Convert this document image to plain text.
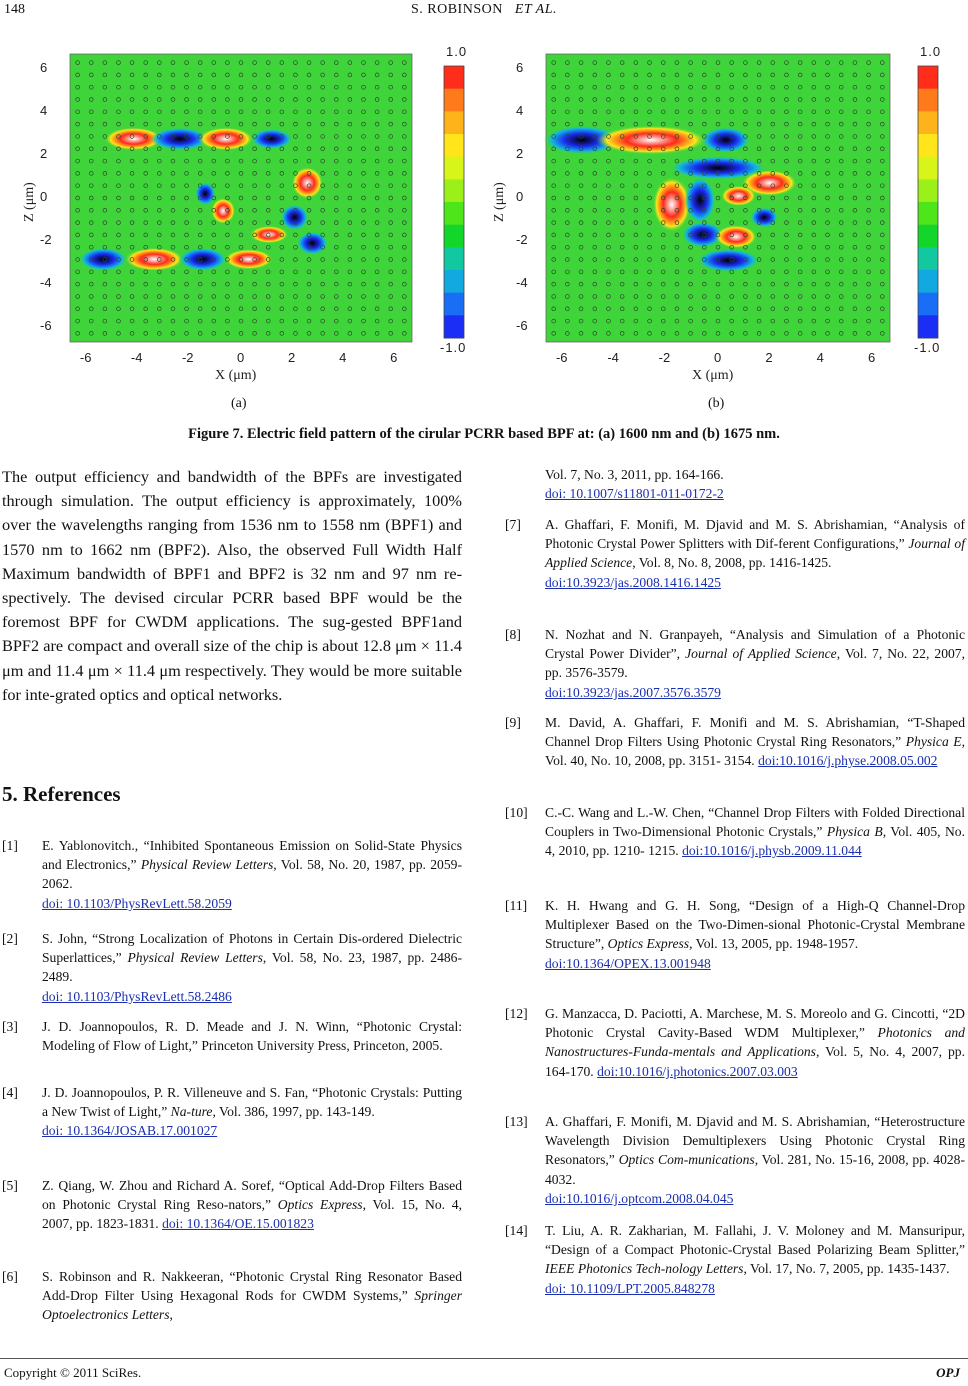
148	S. ROBINSON ET AL.
-6	-4	-2	0	2	4	6
6
4
2
0
-2
-4
-6
X (μm)
Z (μm)
(a)
1.0
-1.0
-6	-4	-2	0	2	4	6
6
4
2
0
-2
-4
-6
X (μm)
Z (μm)
(b)
1.0
-1.0
Figure 7. Electric field pattern of the cirular PCRR based BPF at: (a) 1600 nm and (b) 1675 nm.

The output efficiency and bandwidth of the BPFs are investigated through simulation. The output efficiency is approximately, 100% over the wavelengths ranging from 1536 nm to 1558 nm (BPF1) and 1570 nm to 1662 nm (BPF2). Also, the observed Full Width Half Maximum bandwidth of BPF1 and BPF2 is 32 nm and 97 nm re-spectively. The devised circular PCRR based BPF would be the foremost BPF for CWDM applications. The sug-gested BPF1and BPF2 are compact and overall size of the chip is about 12.8 μm × 11.4 μm and 11.4 μm × 11.4 μm respectively. They would be more suitable for inte-grated optics and optical networks.

5. References
[1] E. Yablonovitch., “Inhibited Spontaneous Emission on Solid-State Physics and Electronics,” Physical Review Letters, Vol. 58, No. 20, 1987, pp. 2059-2062.
doi: 10.1103/PhysRevLett.58.2059
[2] S. John, “Strong Localization of Photons in Certain Dis-ordered Dielectric Superlattices,” Physical Review Letters, Vol. 58, No. 23, 1987, pp. 2486-2489.
doi: 10.1103/PhysRevLett.58.2486
[3] J. D. Joannopoulos, R. D. Meade and J. N. Winn, “Photonic Crystal: Modeling of Flow of Light,” Princeton University Press, Princeton, 2005.
[4] J. D. Joannopoulos, P. R. Villeneuve and S. Fan, “Photonic Crystals: Putting a New Twist of Light,” Na-ture, Vol. 386, 1997, pp. 143-149.
doi: 10.1364/JOSAB.17.001027
[5] Z. Qiang, W. Zhou and Richard A. Soref, “Optical Add-Drop Filters Based on Photonic Crystal Ring Reso-nators,” Optics Express, Vol. 15, No. 4, 2007, pp. 1823-1831. doi: 10.1364/OE.15.001823
[6] S. Robinson and R. Nakkeeran, “Photonic Crystal Ring Resonator Based Add-Drop Filter Using Hexagonal Rods for CWDM Systems,” Springer Optoelectronics Letters,
Vol. 7, No. 3, 2011, pp. 164-166.
doi: 10.1007/s11801-011-0172-2
[7] A. Ghaffari, F. Monifi, M. Djavid and M. S. Abrishamian, “Analysis of Photonic Crystal Power Splitters with Dif-ferent Configurations,” Journal of Applied Science, Vol. 8, No. 8, 2008, pp. 1416-1425.
doi:10.3923/jas.2008.1416.1425
[8] N. Nozhat and N. Granpayeh, “Analysis and Simulation of a Photonic Crystal Power Divider”, Journal of Applied Science, Vol. 7, No. 22, 2007, pp. 3576-3579.
doi:10.3923/jas.2007.3576.3579
[9] M. David, A. Ghaffari, F. Monifi and M. S. Abrishamian, “T-Shaped Channel Drop Filters Using Photonic Crystal Ring Resonators,” Physica E, Vol. 40, No. 10, 2008, pp. 3151- 3154. doi:10.1016/j.physe.2008.05.002
[10] C.-C. Wang and L.-W. Chen, “Channel Drop Filters with Folded Directional Couplers in Two-Dimensional Photonic Crystals,” Physica B, Vol. 405, No. 4, 2010, pp. 1210- 1215. doi:10.1016/j.physb.2009.11.044
[11] K. H. Hwang and G. H. Song, “Design of a High-Q Channel-Drop Multiplexer Based on the Two-Dimen-sional Photonic-Crystal Membrane Structure”, Optics Express, Vol. 13, 2005, pp. 1948-1957.
doi:10.1364/OPEX.13.001948
[12] G. Manzacca, D. Paciotti, A. Marchese, M. S. Moreolo and G. Cincotti, “2D Photonic Crystal Cavity-Based WDM Multiplexer,” Photonics and Nanostructures-Funda-mentals and Applications, Vol. 5, No. 4, 2007, pp. 164-170. doi:10.1016/j.photonics.2007.03.003
[13] A. Ghaffari, F. Monifi, M. Djavid and M. S. Abrishamian, “Heterostructure Wavelength Division Demultiplexers Using Photonic Crystal Ring Resonators,” Optics Com-munications, Vol. 281, No. 15-16, 2008, pp. 4028-4032.
doi:10.1016/j.optcom.2008.04.045
[14] T. Liu, A. R. Zakharian, M. Fallahi, J. V. Moloney and M. Mansuripur, “Design of a Compact Photonic-Crystal Based Polarizing Beam Splitter,” IEEE Photonics Tech-nology Letters, Vol. 17, No. 7, 2005, pp. 1435-1437.
doi: 10.1109/LPT.2005.848278
Copyright © 2011 SciRes.	OPJ
